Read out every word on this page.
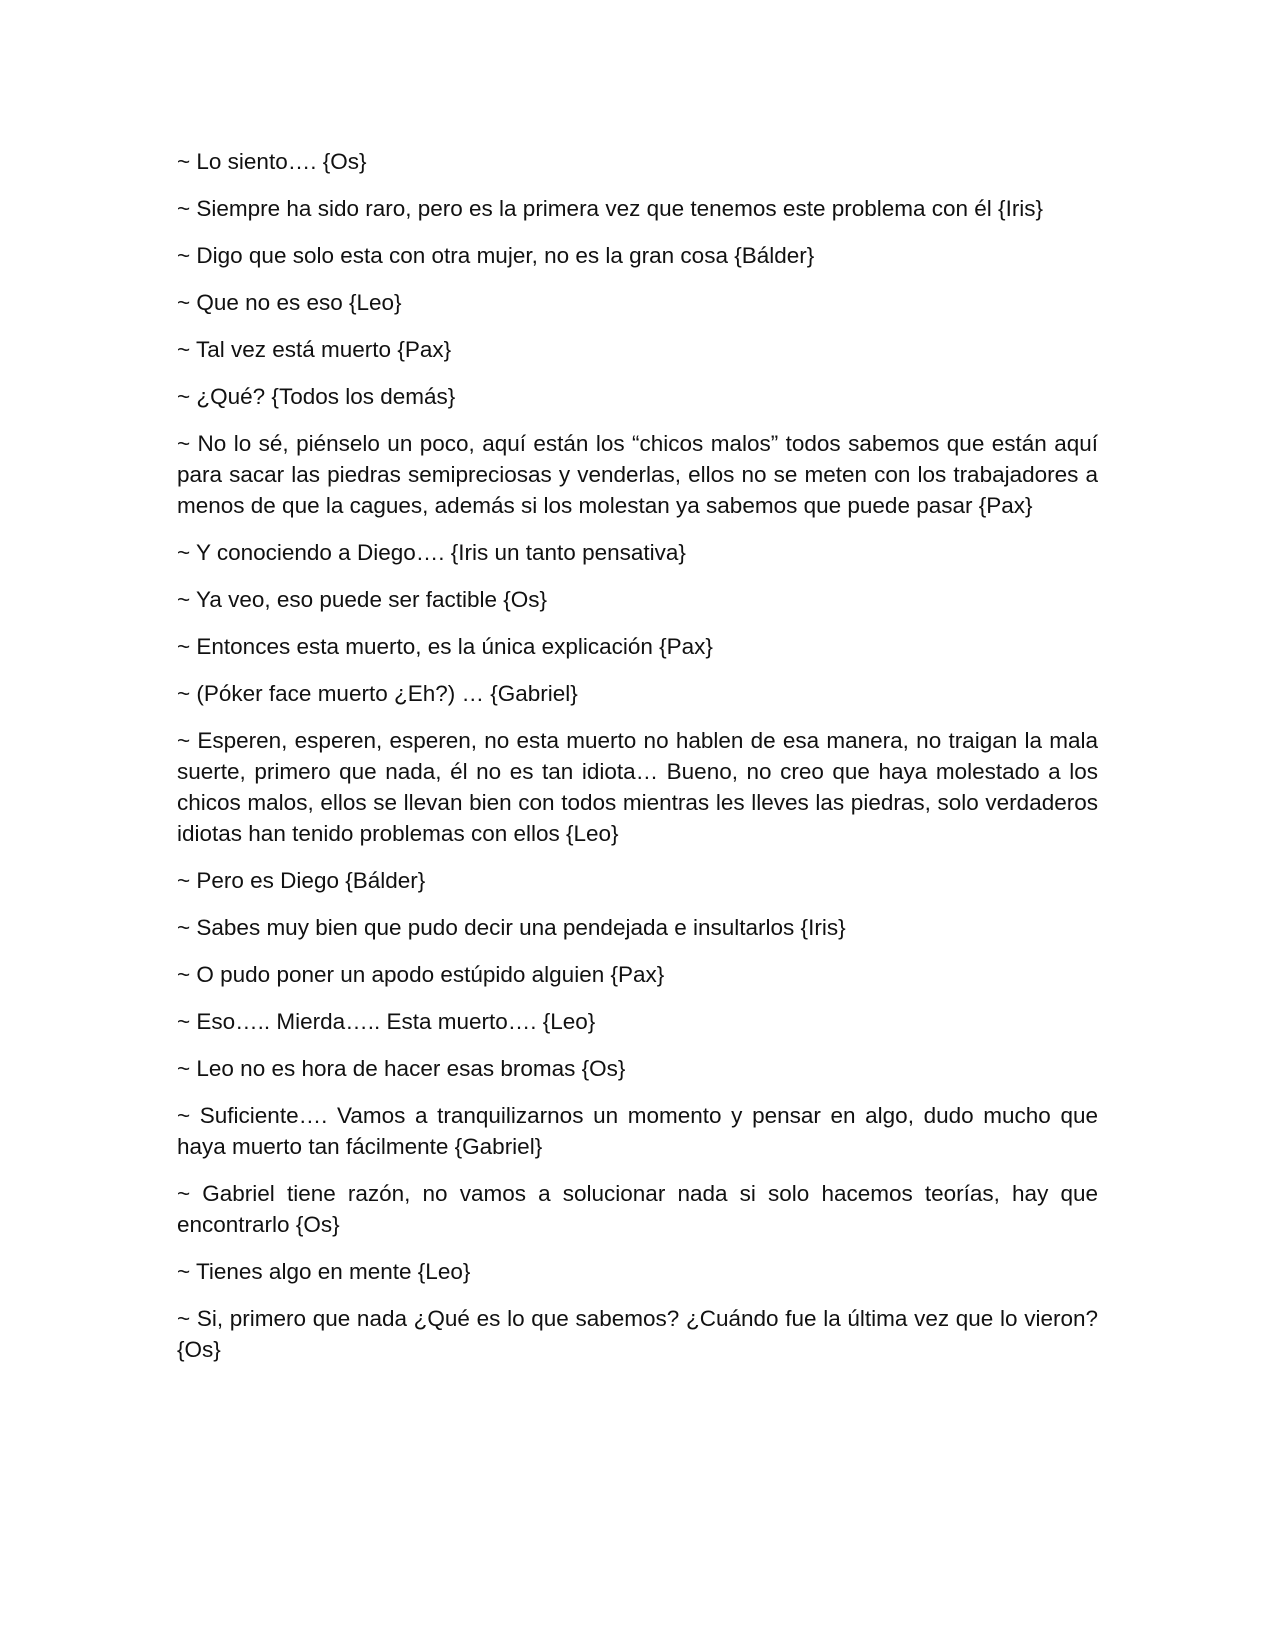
~ Lo siento…. {Os}

~ Siempre ha sido raro, pero es la primera vez que tenemos este problema con él {Iris}

~ Digo que solo esta con otra mujer, no es la gran cosa {Bálder}

~ Que no es eso {Leo}

~ Tal vez está muerto {Pax}

~ ¿Qué? {Todos los demás}

~ No lo sé, piénselo un poco, aquí están los “chicos malos” todos sabemos que están aquí para sacar las piedras semipreciosas y venderlas, ellos no se meten con los trabajadores a menos de que la cagues, además si los molestan ya sabemos que puede pasar {Pax}

~ Y conociendo a Diego…. {Iris un tanto pensativa}

~ Ya veo, eso puede ser factible {Os}

~ Entonces esta muerto, es la única explicación {Pax}

~ (Póker face muerto ¿Eh?) … {Gabriel}

~ Esperen, esperen, esperen, no esta muerto no hablen de esa manera, no traigan la mala suerte, primero que nada, él no es tan idiota… Bueno, no creo que haya molestado a los chicos malos, ellos se llevan bien con todos mientras les lleves las piedras, solo verdaderos idiotas han tenido problemas con ellos {Leo}

~ Pero es Diego {Bálder}

~ Sabes muy bien que pudo decir una pendejada e insultarlos {Iris}

~ O pudo poner un apodo estúpido alguien {Pax}

~ Eso….. Mierda….. Esta muerto…. {Leo}

~ Leo no es hora de hacer esas bromas {Os}

~ Suficiente…. Vamos a tranquilizarnos un momento y pensar en algo, dudo mucho que haya muerto tan fácilmente {Gabriel}

~ Gabriel tiene razón, no vamos a solucionar nada si solo hacemos teorías, hay que encontrarlo {Os}

~ Tienes algo en mente {Leo}

~ Si, primero que nada ¿Qué es lo que sabemos? ¿Cuándo fue la última vez que lo vieron? {Os}
